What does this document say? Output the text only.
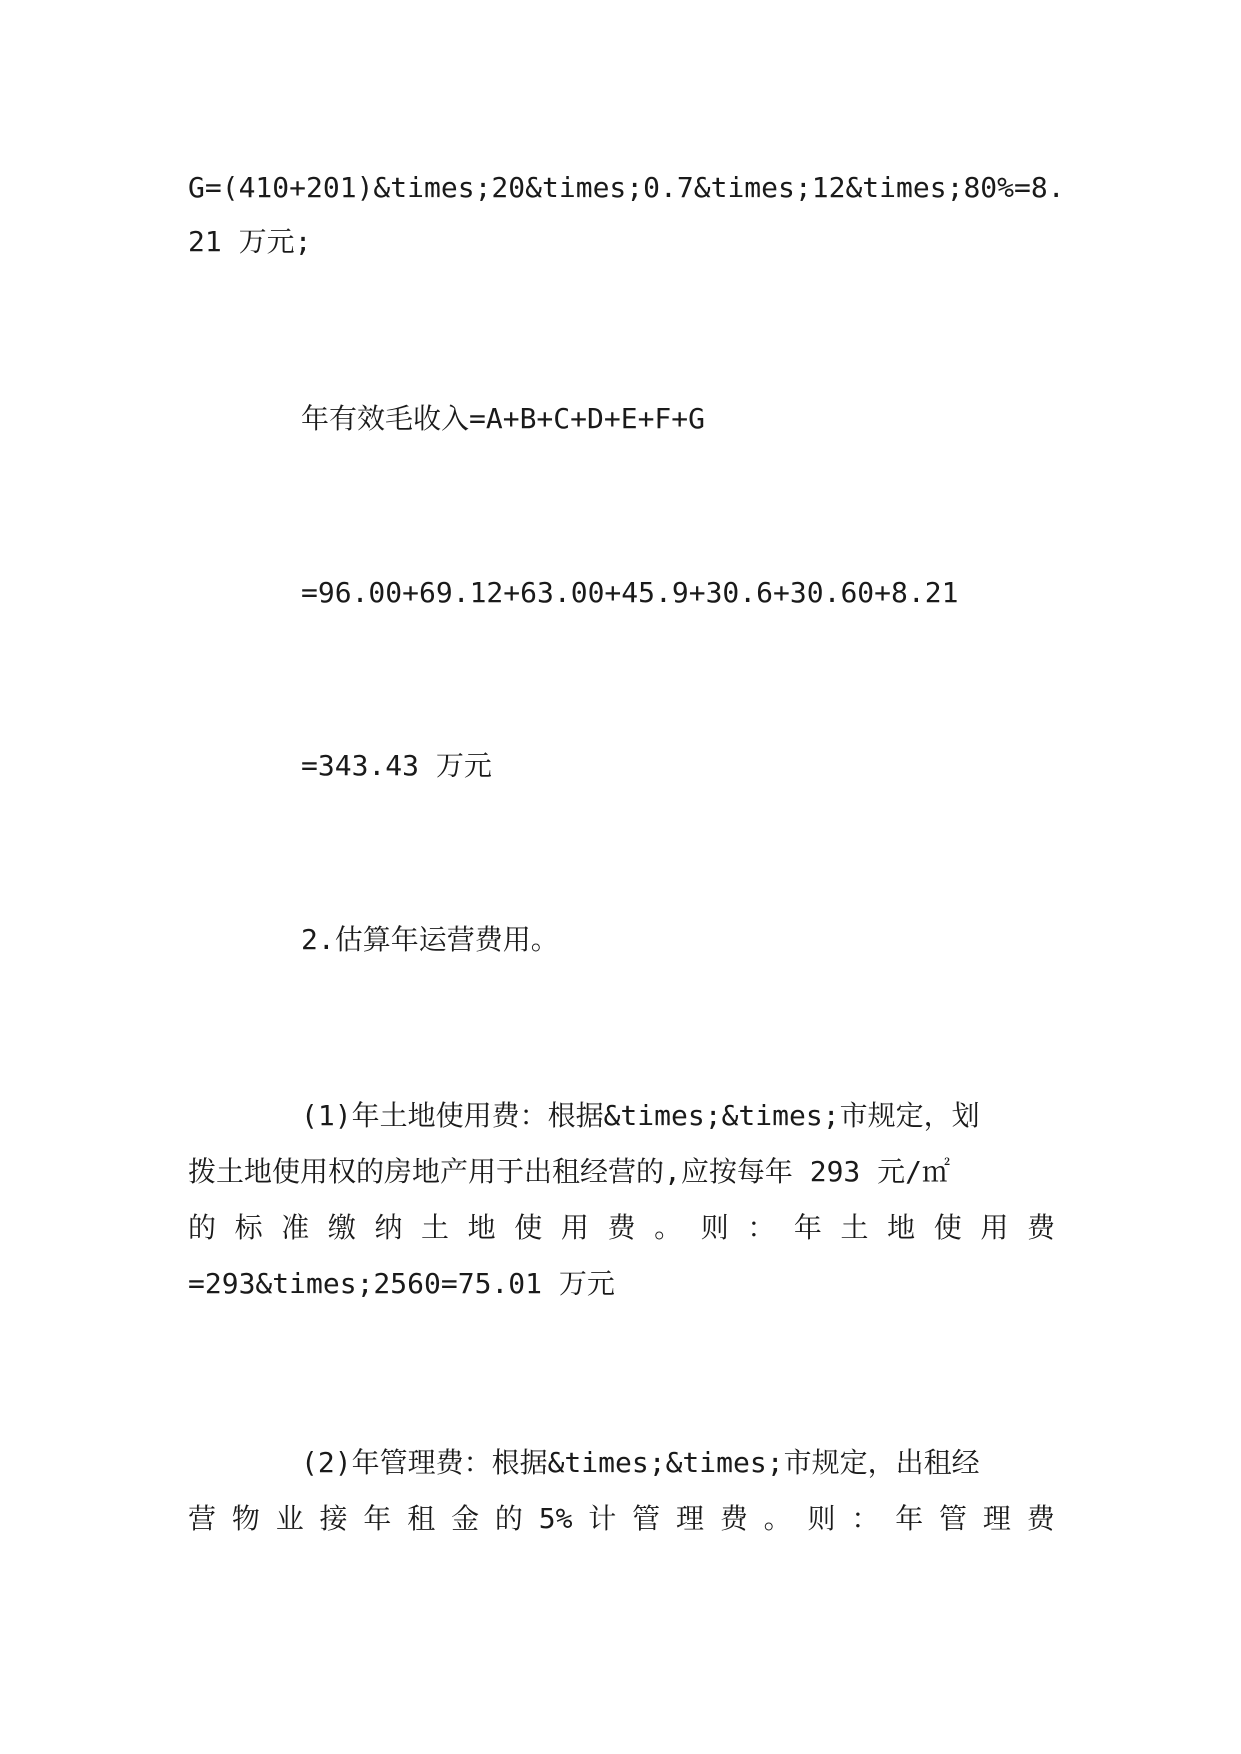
G=(410+201)&times;20&times;0.7&times;12&times;80%=8.
21 万元;
年有效毛收入=A+B+C+D+E+F+G
=96.00+69.12+63.00+45.9+30.6+30.60+8.21
=343.43 万元
2.估算年运营费用。
(1)年土地使用费：根据&times;&times;市规定，划
拨土地使用权的房地产用于出租经营的,应按每年 293 元/㎡
的 标 准 缴 纳 土 地 使 用 费 。 则 ： 年 土 地 使 用 费
=293&times;2560=75.01 万元
(2)年管理费：根据&times;&times;市规定，出租经
营 物 业 接 年 租 金 的 5% 计 管 理 费 。 则 ： 年 管 理 费
